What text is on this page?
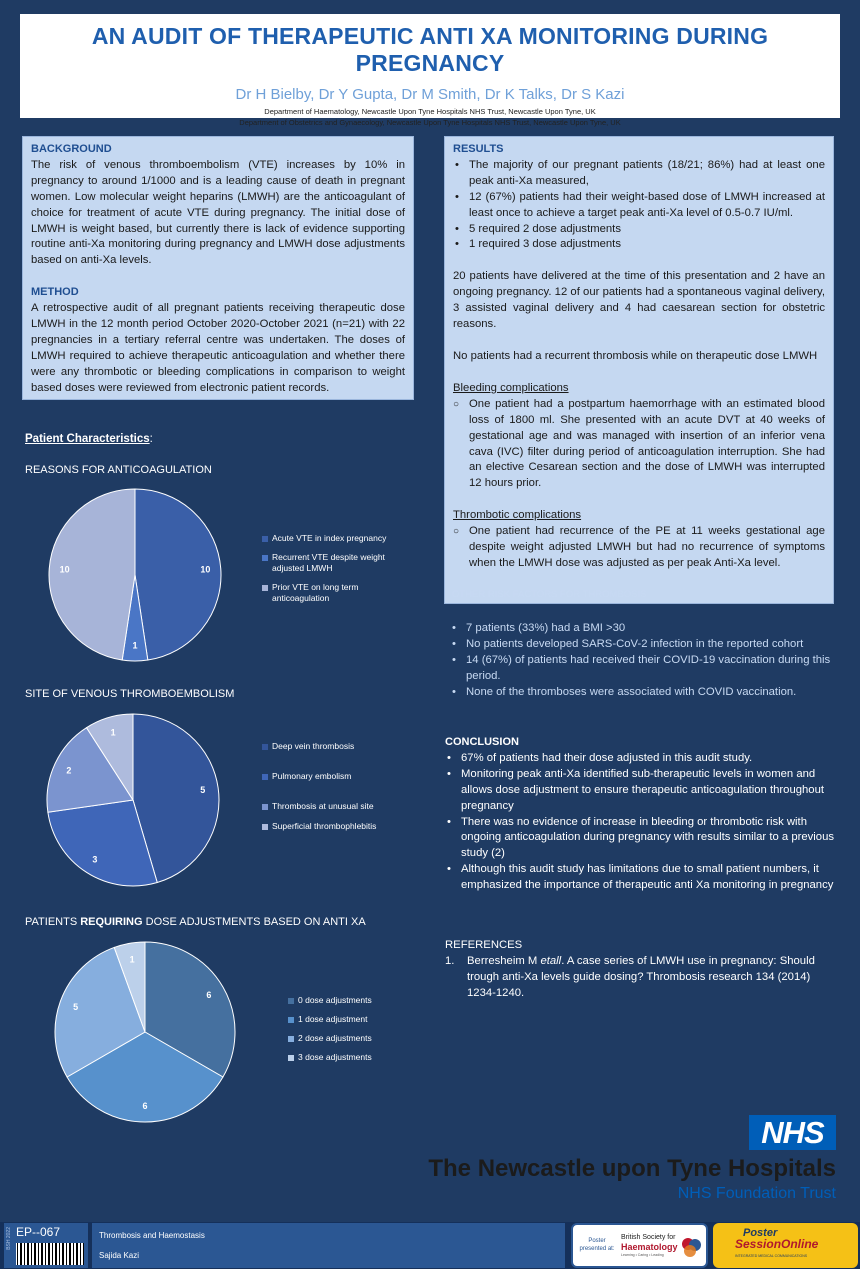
AN AUDIT OF THERAPEUTIC ANTI XA MONITORING DURING PREGNANCY
Dr H Bielby, Dr Y Gupta, Dr M Smith, Dr K Talks, Dr S Kazi
Department of Haematology, Newcastle Upon Tyne Hospitals NHS Trust, Newcastle Upon Tyne, UK
Department of Obstetrics and Gynaecology, Newcastle Upon Tyne Hospitals NHS Trust, Newcastle Upon Tyne, UK
BACKGROUND

The risk of venous thromboembolism (VTE) increases by 10% in pregnancy to around 1/1000 and is a leading cause of death in pregnant women. Low molecular weight heparins (LMWH) are the anticoagulant of choice for treatment of acute VTE during pregnancy. The initial dose of LMWH is weight based, but currently there is lack of evidence supporting routine anti-Xa monitoring during pregnancy and LMWH dose adjustments based on anti-Xa levels.

METHOD

A retrospective audit of all pregnant patients receiving therapeutic dose LMWH in the 12 month period October 2020-October 2021 (n=21) with 22 pregnancies in a tertiary referral centre was undertaken. The doses of LMWH required to achieve therapeutic anticoagulation and whether there were any thrombotic or bleeding complications in comparison to weight based doses were reviewed from electronic patient records.

RESULTS
• The majority of our pregnant patients (18/21; 86%) had at least one peak anti-Xa measured,
• 12 (67%) patients had their weight-based dose of LMWH increased at least once to achieve a target peak anti-Xa level of 0.5-0.7 IU/ml.
• 5 required 2 dose adjustments
• 1 required 3 dose adjustments

20 patients have delivered at the time of this presentation and 2 have an ongoing pregnancy. 12 of our patients had a spontaneous vaginal delivery, 3 assisted vaginal delivery and 4 had caesarean section for obstetric reasons.

No patients had a recurrent thrombosis while on therapeutic dose LMWH

Bleeding complications

○ One patient had a postpartum haemorrhage with an estimated blood loss of 1800 ml. She presented with an acute DVT at 40 weeks of gestational age and was managed with insertion of an inferior vena cava (IVC) filter during period of anticoagulation interruption. She had an elective Cesarean section and the dose of LMWH was interrupted 12 hours prior.

Thrombotic complications

○ One patient had recurrence of the PE at 11 weeks gestational age despite weight adjusted LMWH but had no recurrence of symptoms when the LMWH dose was adjusted as per peak Anti-Xa level.
OTHER RISK FACTORS FOR THROMBOSIS
• 7 patients (33%) had a BMI >30
• No patients developed SARS-CoV-2 infection in the reported cohort
• 14 (67%) of patients had received their COVID-19 vaccination during this period.
• None of the thromboses were associated with COVID vaccination.
Patient Characteristics:
REASONS FOR ANTICOAGULATION
10
1
10
Acute VTE in index pregnancy
Recurrent VTE despite weight adjusted LMWH
Prior VTE on long term anticoagulation
SITE OF VENOUS THROMBOEMBOLISM
5
3
2
1
Deep vein thrombosis
Pulmonary embolism
Thrombosis at unusual site
Superficial thrombophlebitis
PATIENTS REQUIRING DOSE ADJUSTMENTS BASED ON ANTI XA
6
6
5
1
0 dose adjustments
1 dose adjustment
2 dose adjustments
3 dose adjustments
CONCLUSION
• 67% of patients had their dose adjusted in this audit study.
• Monitoring peak anti-Xa identified sub-therapeutic levels in women and allows dose adjustment to ensure therapeutic anticoagulation throughout pregnancy
• There was no evidence of increase in bleeding or thrombotic risk with ongoing anticoagulation during pregnancy with results similar to a previous study (2)
• Although this audit study has limitations due to small patient numbers, it emphasized the importance of therapeutic anti Xa monitoring in pregnancy
REFERENCES
1. Berresheim M etall. A case series of LMWH use in pregnancy: Should trough anti-Xa levels guide dosing? Thrombosis research 134 (2014) 1234-1240.
NHS
The Newcastle upon Tyne Hospitals
NHS Foundation Trust
EP--067
BSH 2022	Thrombosis and Haemostasis
Sajida Kazi
Poster presented at:
British Society for
Haematology
Learning • Caring • Leading
Poster
SessionOnline
INTEGRATED MEDICAL COMMUNICATIONS
